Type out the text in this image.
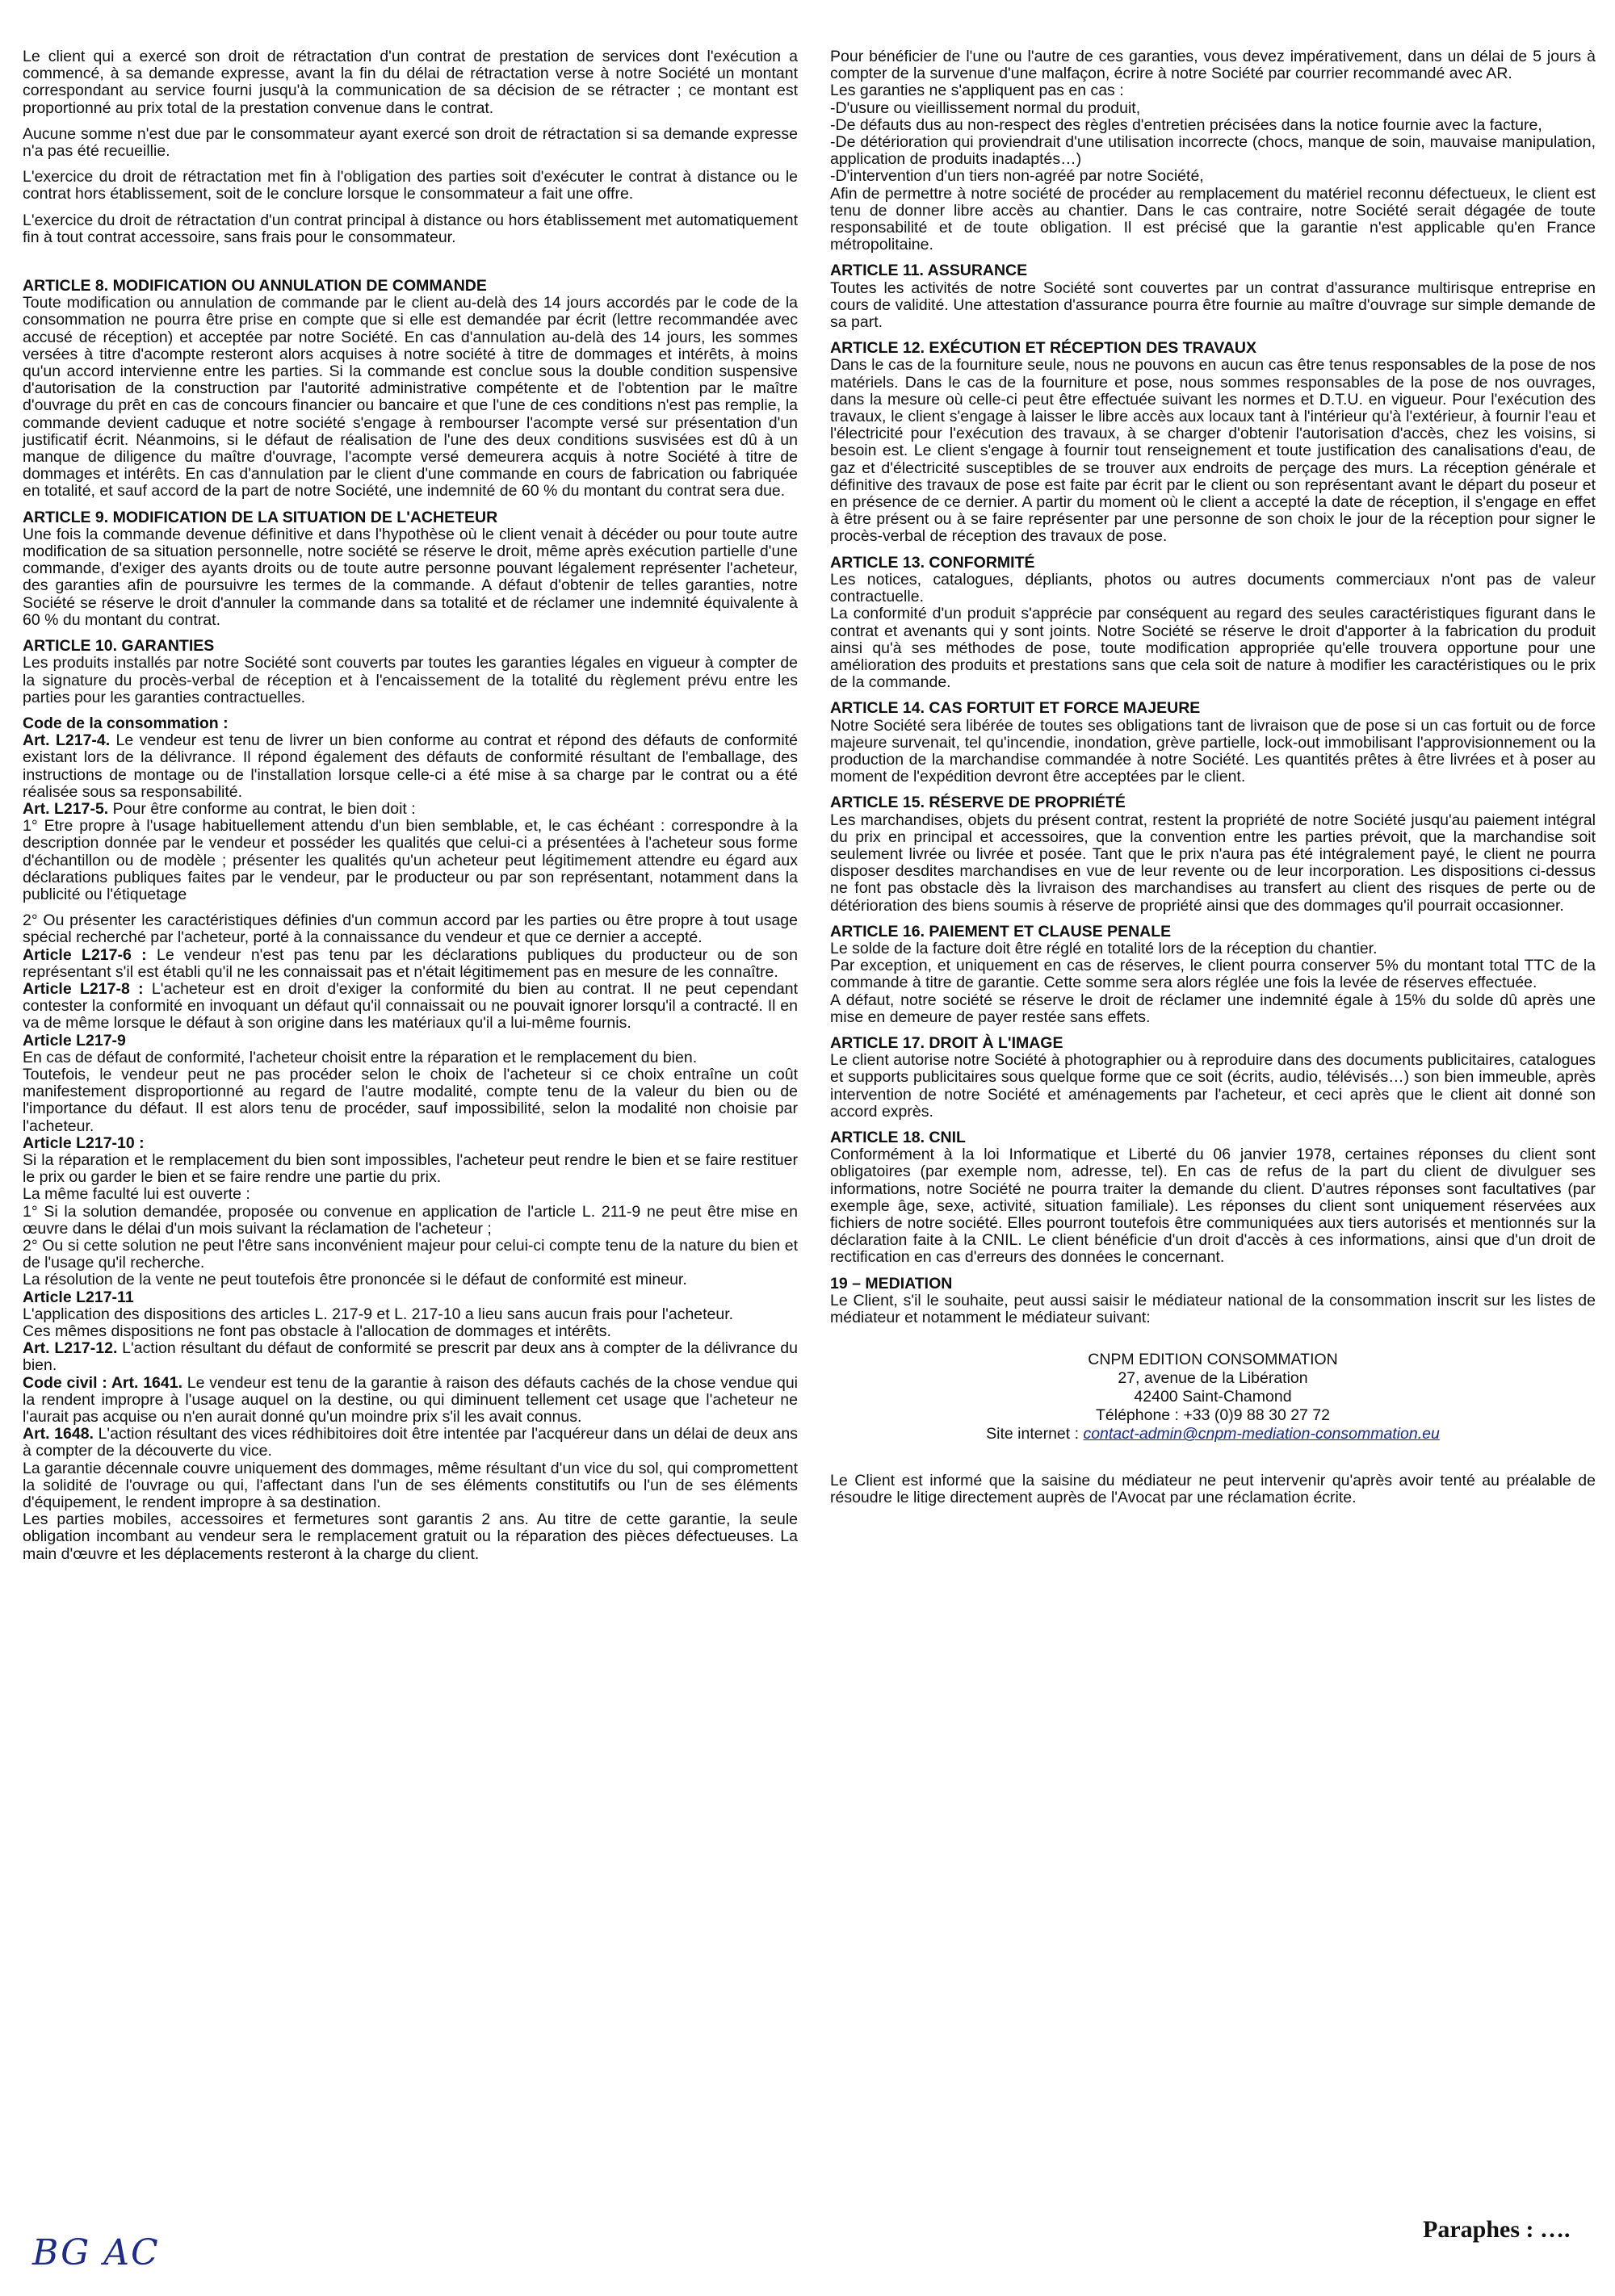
Le client qui a exercé son droit de rétractation d'un contrat de prestation de services dont l'exécution a commencé, à sa demande expresse, avant la fin du délai de rétractation verse à notre Société un montant correspondant au service fourni jusqu'à la communication de sa décision de se rétracter ; ce montant est proportionné au prix total de la prestation convenue dans le contrat.

Aucune somme n'est due par le consommateur ayant exercé son droit de rétractation si sa demande expresse n'a pas été recueillie.

L'exercice du droit de rétractation met fin à l'obligation des parties soit d'exécuter le contrat à distance ou le contrat hors établissement, soit de le conclure lorsque le consommateur a fait une offre.

L'exercice du droit de rétractation d'un contrat principal à distance ou hors établissement met automatiquement fin à tout contrat accessoire, sans frais pour le consommateur.

ARTICLE 8. MODIFICATION OU ANNULATION DE COMMANDE

Toute modification ou annulation de commande par le client au-delà des 14 jours accordés par le code de la consommation ne pourra être prise en compte que si elle est demandée par écrit (lettre recommandée avec accusé de réception) et acceptée par notre Société. En cas d'annulation au-delà des 14 jours, les sommes versées à titre d'acompte resteront alors acquises à notre société à titre de dommages et intérêts, à moins qu'un accord intervienne entre les parties. Si la commande est conclue sous la double condition suspensive d'autorisation de la construction par l'autorité administrative compétente et de l'obtention par le maître d'ouvrage du prêt en cas de concours financier ou bancaire et que l'une de ces conditions n'est pas remplie, la commande devient caduque et notre société s'engage à rembourser l'acompte versé sur présentation d'un justificatif écrit. Néanmoins, si le défaut de réalisation de l'une des deux conditions susvisées est dû à un manque de diligence du maître d'ouvrage, l'acompte versé demeurera acquis à notre Société à titre de dommages et intérêts. En cas d'annulation par le client d'une commande en cours de fabrication ou fabriquée en totalité, et sauf accord de la part de notre Société, une indemnité de 60 % du montant du contrat sera due.

ARTICLE 9. MODIFICATION DE LA SITUATION DE L'ACHETEUR

Une fois la commande devenue définitive et dans l'hypothèse où le client venait à décéder ou pour toute autre modification de sa situation personnelle, notre société se réserve le droit, même après exécution partielle d'une commande, d'exiger des ayants droits ou de toute autre personne pouvant légalement représenter l'acheteur, des garanties afin de poursuivre les termes de la commande. A défaut d'obtenir de telles garanties, notre Société se réserve le droit d'annuler la commande dans sa totalité et de réclamer une indemnité équivalente à 60 % du montant du contrat.

ARTICLE 10. GARANTIES

Les produits installés par notre Société sont couverts par toutes les garanties légales en vigueur à compter de la signature du procès-verbal de réception et à l'encaissement de la totalité du règlement prévu entre les parties pour les garanties contractuelles.

Code de la consommation :

Art. L217-4. Le vendeur est tenu de livrer un bien conforme au contrat et répond des défauts de conformité existant lors de la délivrance. Il répond également des défauts de conformité résultant de l'emballage, des instructions de montage ou de l'installation lorsque celle-ci a été mise à sa charge par le contrat ou a été réalisée sous sa responsabilité.

Art. L217-5. Pour être conforme au contrat, le bien doit :

1° Etre propre à l'usage habituellement attendu d'un bien semblable, et, le cas échéant : correspondre à la description donnée par le vendeur et posséder les qualités que celui-ci a présentées à l'acheteur sous forme d'échantillon ou de modèle ; présenter les qualités qu'un acheteur peut légitimement attendre eu égard aux déclarations publiques faites par le vendeur, par le producteur ou par son représentant, notamment dans la publicité ou l'étiquetage

2° Ou présenter les caractéristiques définies d'un commun accord par les parties ou être propre à tout usage spécial recherché par l'acheteur, porté à la connaissance du vendeur et que ce dernier a accepté.

Article L217-6 : Le vendeur n'est pas tenu par les déclarations publiques du producteur ou de son représentant s'il est établi qu'il ne les connaissait pas et n'était légitimement pas en mesure de les connaître.

Article L217-8 : L'acheteur est en droit d'exiger la conformité du bien au contrat. Il ne peut cependant contester la conformité en invoquant un défaut qu'il connaissait ou ne pouvait ignorer lorsqu'il a contracté. Il en va de même lorsque le défaut à son origine dans les matériaux qu'il a lui-même fournis.

Article L217-9

En cas de défaut de conformité, l'acheteur choisit entre la réparation et le remplacement du bien.

Toutefois, le vendeur peut ne pas procéder selon le choix de l'acheteur si ce choix entraîne un coût manifestement disproportionné au regard de l'autre modalité, compte tenu de la valeur du bien ou de l'importance du défaut. Il est alors tenu de procéder, sauf impossibilité, selon la modalité non choisie par l'acheteur.

Article L217-10 :

Si la réparation et le remplacement du bien sont impossibles, l'acheteur peut rendre le bien et se faire restituer le prix ou garder le bien et se faire rendre une partie du prix.

La même faculté lui est ouverte :

1° Si la solution demandée, proposée ou convenue en application de l'article L. 211-9 ne peut être mise en œuvre dans le délai d'un mois suivant la réclamation de l'acheteur ;

2° Ou si cette solution ne peut l'être sans inconvénient majeur pour celui-ci compte tenu de la nature du bien et de l'usage qu'il recherche.

La résolution de la vente ne peut toutefois être prononcée si le défaut de conformité est mineur.

Article L217-11

L'application des dispositions des articles L. 217-9 et L. 217-10 a lieu sans aucun frais pour l'acheteur.

Ces mêmes dispositions ne font pas obstacle à l'allocation de dommages et intérêts.

Art. L217-12. L'action résultant du défaut de conformité se prescrit par deux ans à compter de la délivrance du bien.

Code civil : Art. 1641. Le vendeur est tenu de la garantie à raison des défauts cachés de la chose vendue qui la rendent impropre à l'usage auquel on la destine, ou qui diminuent tellement cet usage que l'acheteur ne l'aurait pas acquise ou n'en aurait donné qu'un moindre prix s'il les avait connus.

Art. 1648. L'action résultant des vices rédhibitoires doit être intentée par l'acquéreur dans un délai de deux ans à compter de la découverte du vice.

La garantie décennale couvre uniquement des dommages, même résultant d'un vice du sol, qui compromettent la solidité de l'ouvrage ou qui, l'affectant dans l'un de ses éléments constitutifs ou l'un de ses éléments d'équipement, le rendent impropre à sa destination.

Les parties mobiles, accessoires et fermetures sont garantis 2 ans. Au titre de cette garantie, la seule obligation incombant au vendeur sera le remplacement gratuit ou la réparation des pièces défectueuses. La main d'œuvre et les déplacements resteront à la charge du client.

Pour bénéficier de l'une ou l'autre de ces garanties, vous devez impérativement, dans un délai de 5 jours à compter de la survenue d'une malfaçon, écrire à notre Société par courrier recommandé avec AR.

Les garanties ne s'appliquent pas en cas :

-D'usure ou vieillissement normal du produit,

-De défauts dus au non-respect des règles d'entretien précisées dans la notice fournie avec la facture,

-De détérioration qui proviendrait d'une utilisation incorrecte (chocs, manque de soin, mauvaise manipulation, application de produits inadaptés…)

-D'intervention d'un tiers non-agréé par notre Société,

Afin de permettre à notre société de procéder au remplacement du matériel reconnu défectueux, le client est tenu de donner libre accès au chantier. Dans le cas contraire, notre Société serait dégagée de toute responsabilité et de toute obligation. Il est précisé que la garantie n'est applicable qu'en France métropolitaine.

ARTICLE 11. ASSURANCE

Toutes les activités de notre Société sont couvertes par un contrat d'assurance multirisque entreprise en cours de validité. Une attestation d'assurance pourra être fournie au maître d'ouvrage sur simple demande de sa part.

ARTICLE 12. EXÉCUTION ET RÉCEPTION DES TRAVAUX

Dans le cas de la fourniture seule, nous ne pouvons en aucun cas être tenus responsables de la pose de nos matériels. Dans le cas de la fourniture et pose, nous sommes responsables de la pose de nos ouvrages, dans la mesure où celle-ci peut être effectuée suivant les normes et D.T.U. en vigueur. Pour l'exécution des travaux, le client s'engage à laisser le libre accès aux locaux tant à l'intérieur qu'à l'extérieur, à fournir l'eau et l'électricité pour l'exécution des travaux, à se charger d'obtenir l'autorisation d'accès, chez les voisins, si besoin est. Le client s'engage à fournir tout renseignement et toute justification des canalisations d'eau, de gaz et d'électricité susceptibles de se trouver aux endroits de perçage des murs. La réception générale et définitive des travaux de pose est faite par écrit par le client ou son représentant avant le départ du poseur et en présence de ce dernier. A partir du moment où le client a accepté la date de réception, il s'engage en effet à être présent ou à se faire représenter par une personne de son choix le jour de la réception pour signer le procès-verbal de réception des travaux de pose.

ARTICLE 13. CONFORMITÉ

Les notices, catalogues, dépliants, photos ou autres documents commerciaux n'ont pas de valeur contractuelle.

La conformité d'un produit s'apprécie par conséquent au regard des seules caractéristiques figurant dans le contrat et avenants qui y sont joints. Notre Société se réserve le droit d'apporter à la fabrication du produit ainsi qu'à ses méthodes de pose, toute modification appropriée qu'elle trouvera opportune pour une amélioration des produits et prestations sans que cela soit de nature à modifier les caractéristiques ou le prix de la commande.

ARTICLE 14. CAS FORTUIT ET FORCE MAJEURE

Notre Société sera libérée de toutes ses obligations tant de livraison que de pose si un cas fortuit ou de force majeure survenait, tel qu'incendie, inondation, grève partielle, lock-out immobilisant l'approvisionnement ou la production de la marchandise commandée à notre Société. Les quantités prêtes à être livrées et à poser au moment de l'expédition devront être acceptées par le client.

ARTICLE 15. RÉSERVE DE PROPRIÉTÉ

Les marchandises, objets du présent contrat, restent la propriété de notre Société jusqu'au paiement intégral du prix en principal et accessoires, que la convention entre les parties prévoit, que la marchandise soit seulement livrée ou livrée et posée. Tant que le prix n'aura pas été intégralement payé, le client ne pourra disposer desdites marchandises en vue de leur revente ou de leur incorporation. Les dispositions ci-dessus ne font pas obstacle dès la livraison des marchandises au transfert au client des risques de perte ou de détérioration des biens soumis à réserve de propriété ainsi que des dommages qu'il pourrait occasionner.

ARTICLE 16. PAIEMENT ET CLAUSE PENALE

Le solde de la facture doit être réglé en totalité lors de la réception du chantier.

Par exception, et uniquement en cas de réserves, le client pourra conserver 5% du montant total TTC de la commande à titre de garantie. Cette somme sera alors réglée une fois la levée de réserves effectuée.

A défaut, notre société se réserve le droit de réclamer une indemnité égale à 15% du solde dû après une mise en demeure de payer restée sans effets.

ARTICLE 17. DROIT À L'IMAGE

Le client autorise notre Société à photographier ou à reproduire dans des documents publicitaires, catalogues et supports publicitaires sous quelque forme que ce soit (écrits, audio, télévisés…) son bien immeuble, après intervention de notre Société et aménagements par l'acheteur, et ceci après que le client ait donné son accord exprès.

ARTICLE 18. CNIL

Conformément à la loi Informatique et Liberté du 06 janvier 1978, certaines réponses du client sont obligatoires (par exemple nom, adresse, tel). En cas de refus de la part du client de divulguer ses informations, notre Société ne pourra traiter la demande du client. D'autres réponses sont facultatives (par exemple âge, sexe, activité, situation familiale). Les réponses du client sont uniquement réservées aux fichiers de notre société. Elles pourront toutefois être communiquées aux tiers autorisés et mentionnés sur la déclaration faite à la CNIL. Le client bénéficie d'un droit d'accès à ces informations, ainsi que d'un droit de rectification en cas d'erreurs des données le concernant.

19 – MEDIATION

Le Client, s'il le souhaite, peut aussi saisir le médiateur national de la consommation inscrit sur les listes de médiateur et notamment le médiateur suivant:

CNPM EDITION CONSOMMATION
27, avenue de la Libération
42400 Saint-Chamond
Téléphone : +33 (0)9 88 30 27 72
Site internet : contact-admin@cnpm-mediation-consommation.eu

Le Client est informé que la saisine du médiateur ne peut intervenir qu'après avoir tenté au préalable de résoudre le litige directement auprès de l'Avocat par une réclamation écrite.

BG AC
Paraphes : ….
